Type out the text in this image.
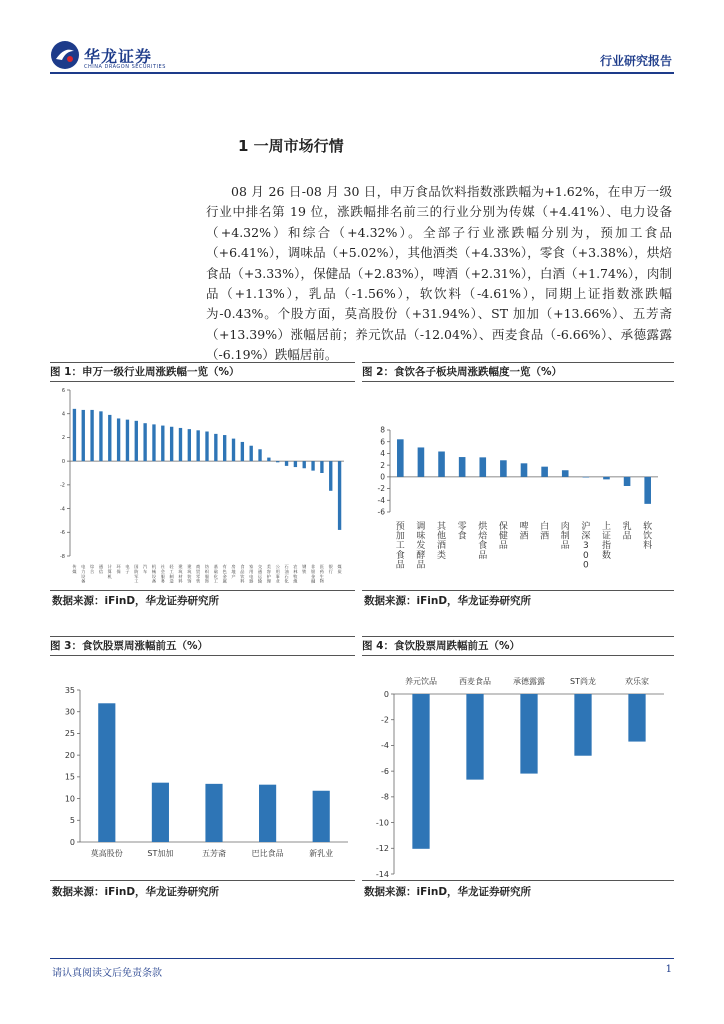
华龙证券
CHINA DRAGON SECURITIES	行业研究报告
1 一周市场行情

08 月 26 日-08 月 30 日，申万食品饮料指数涨跌幅为+1.62%，在申万一级行业中排名第 19 位，涨跌幅排名前三的行业分别为传媒（+4.41%）、电力设备（+4.32%）和综合（+4.32%）。全部子行业涨跌幅分别为，预加工食品（+6.41%），调味品（+5.02%），其他酒类（+4.33%），零食（+3.38%），烘焙食品（+3.33%），保健品（+2.83%），啤酒（+2.31%），白酒（+1.74%），肉制品（+1.13%），乳品（-1.56%），软饮料（-4.61%），同期上证指数涨跌幅为-0.43%。个股方面，莫高股份（+31.94%）、ST 加加（+13.66%）、五芳斋（+13.39%）涨幅居前；养元饮品（-12.04%）、西麦食品（-6.66%）、承德露露（-6.19%）跌幅居前。

图 1：申万一级行业周涨跌幅一览（%）	图 2：食饮各子板块周涨跌幅度一览（%）
图 3：食饮股票周涨幅前五（%）	图 4：食饮股票周跌幅前五（%）
-8
-6
-4
-2
0
2
4
6
传媒
电力设备
综合
通信
计算机
环保
电子
国防军工
汽车
机械设备
社会服务
轻工制造
建筑材料
建筑装饰
商贸零售
纺织服饰
基础化工
有色金属
房地产
食品饮料
家用电器
交通运输
美容护理
公用事业
石油石化
农林牧渔
钢铁
非银金融
医药生物
银行
煤炭
-6
-4
-2
0
2
4
6
8
预加工食品
调味发酵品
其他酒类
零食
烘焙食品
保健品
啤酒
白酒
肉制品
沪深 3 0 0
上证指数
乳品
软饮料
0
5
10
15
20
25
30
35
莫高股份	ST加加	五芳斋	巴比食品	新乳业
-14
-12
-10
-8
-6
-4
-2
0
养元饮品	西麦食品	承德露露	ST尚龙	欢乐家
数据来源：iFinD，华龙证券研究所	数据来源：iFinD，华龙证券研究所
数据来源：iFinD，华龙证券研究所	数据来源：iFinD，华龙证券研究所
请认真阅读文后免责条款	1
